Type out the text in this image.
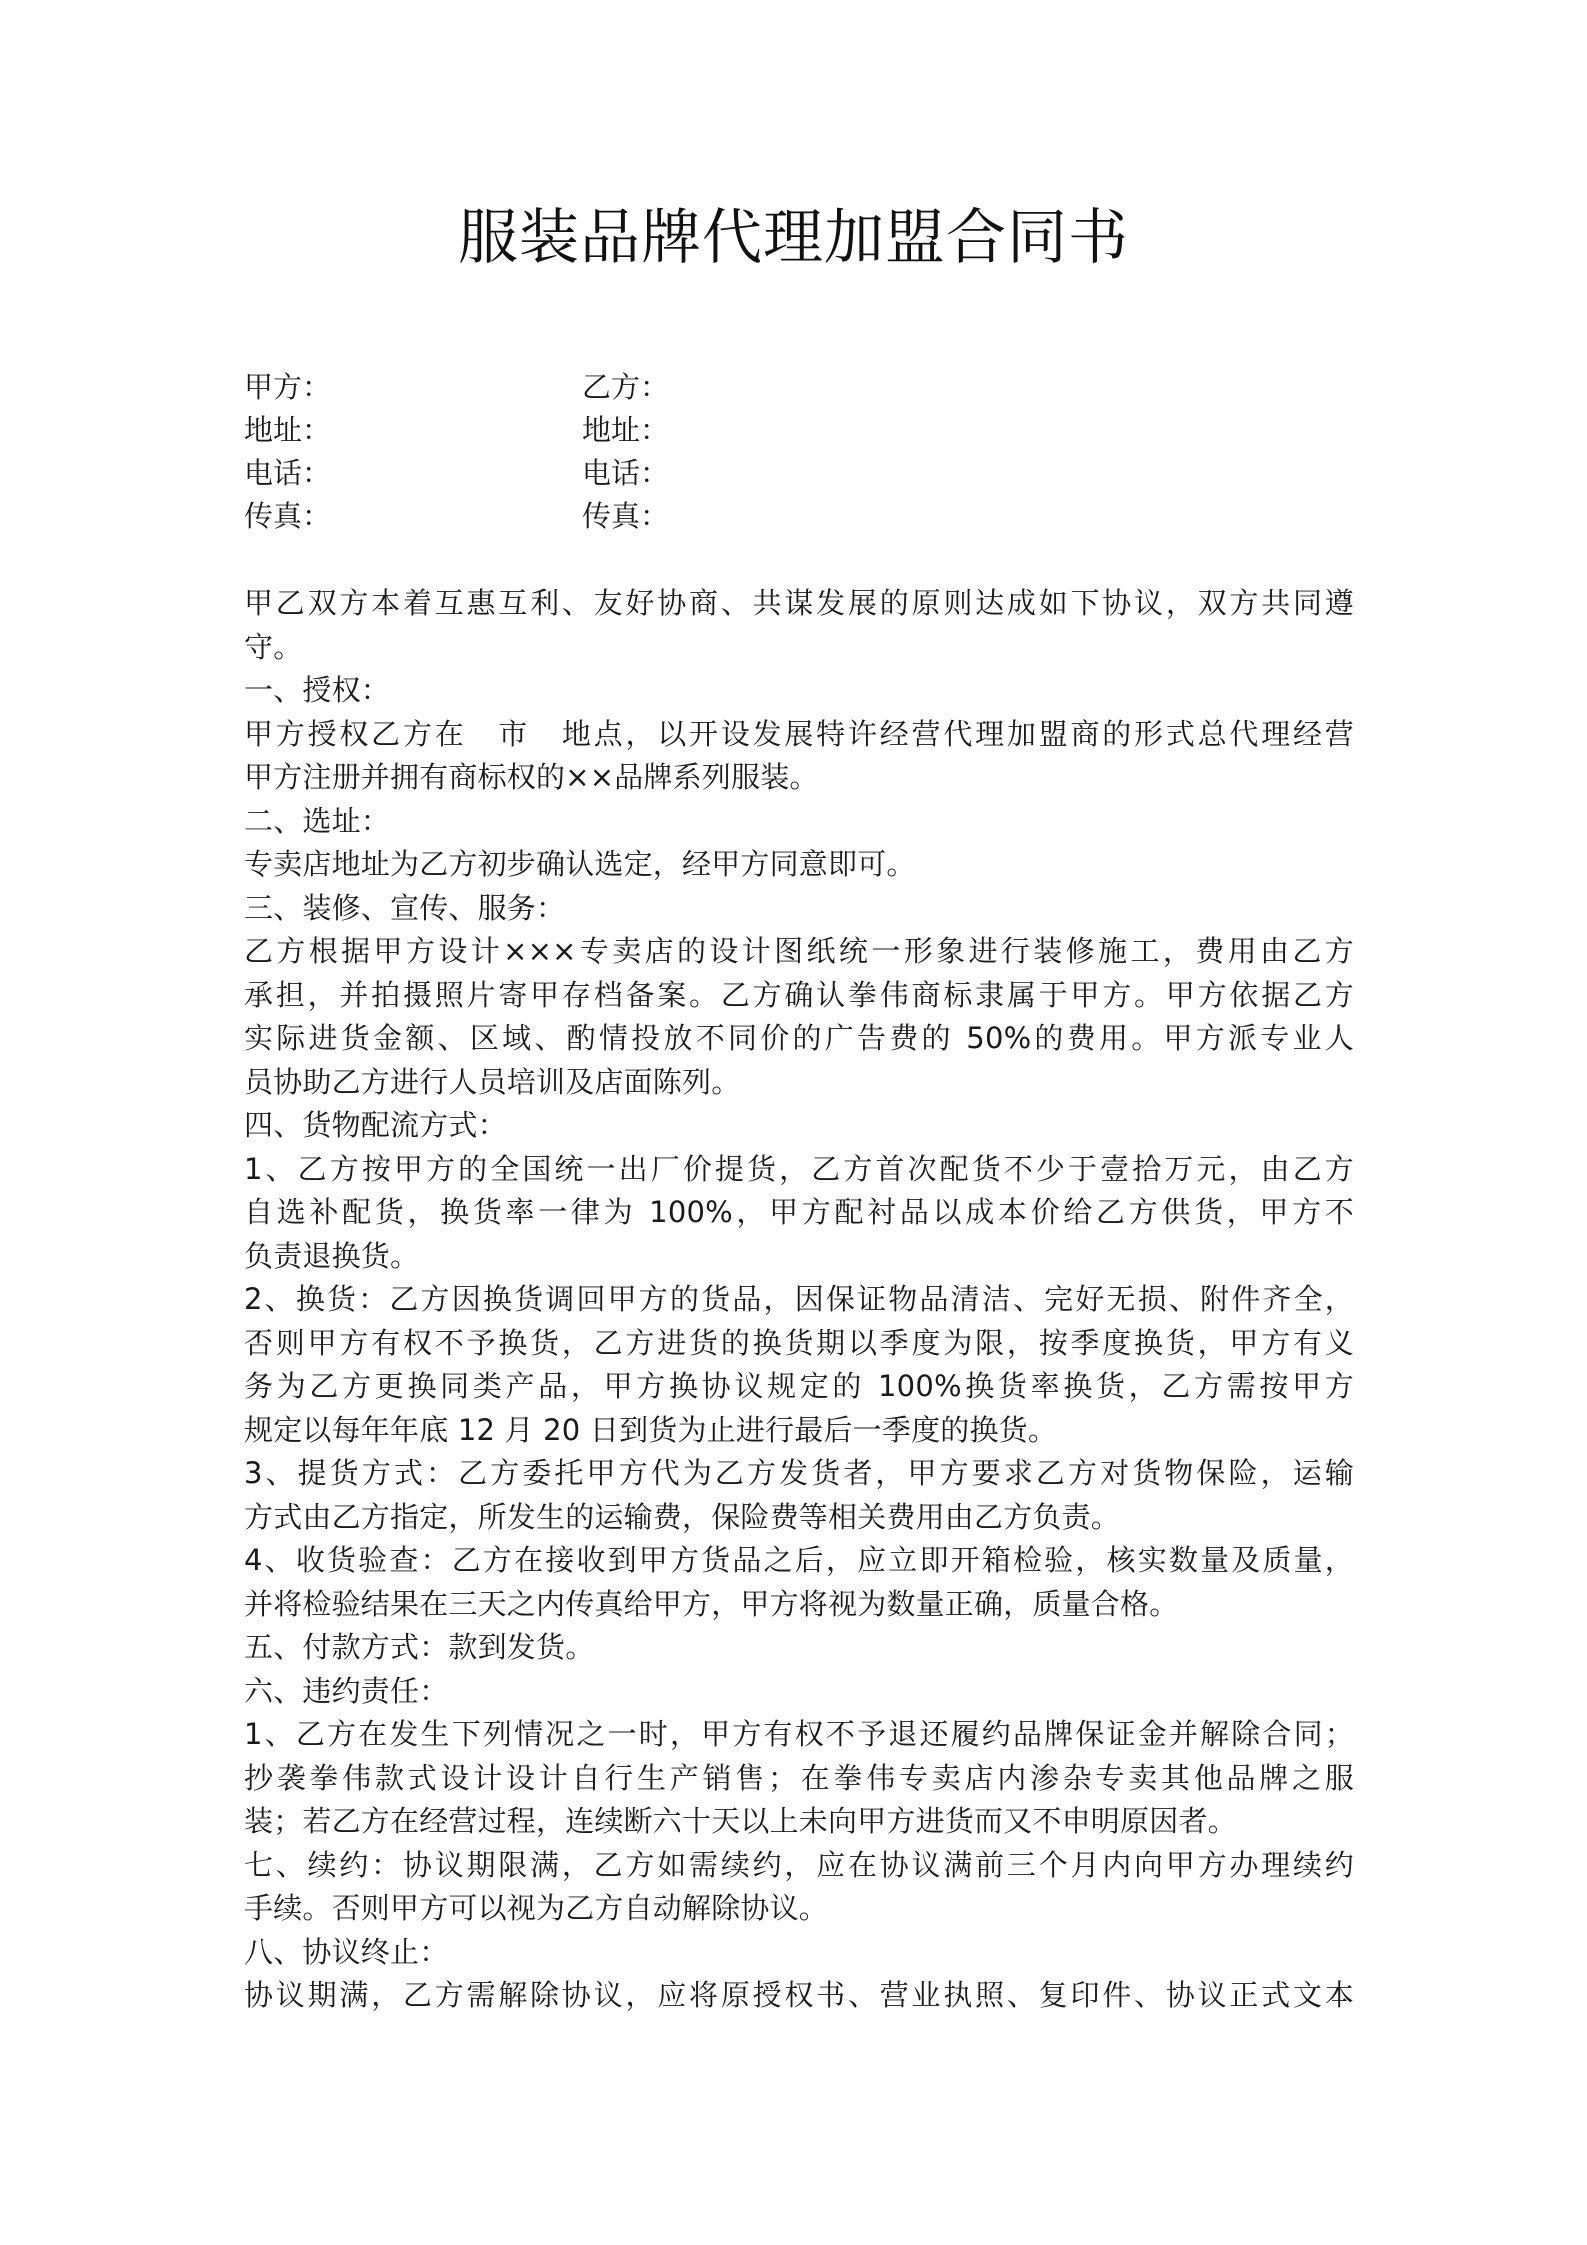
服装品牌代理加盟合同书
甲方：	乙方：
地址：	地址：
电话：	电话：
传真：	传真：
甲乙双方本着互惠互利、友好协商、共谋发展的原则达成如下协议，双方共同遵
守。
一、授权：
甲方授权乙方在　市　地点，以开设发展特许经营代理加盟商的形式总代理经营
甲方注册并拥有商标权的××品牌系列服装。
二、选址：
专卖店地址为乙方初步确认选定，经甲方同意即可。
三、装修、宣传、服务：
乙方根据甲方设计×××专卖店的设计图纸统一形象进行装修施工，费用由乙方
承担，并拍摄照片寄甲存档备案。乙方确认拳伟商标隶属于甲方。甲方依据乙方
实际进货金额、区域、酌情投放不同价的广告费的 50%的费用。甲方派专业人
员协助乙方进行人员培训及店面陈列。
四、货物配流方式：
1、乙方按甲方的全国统一出厂价提货，乙方首次配货不少于壹拾万元，由乙方
自选补配货，换货率一律为 100%，甲方配衬品以成本价给乙方供货，甲方不
负责退换货。
2、换货：乙方因换货调回甲方的货品，因保证物品清洁、完好无损、附件齐全，
否则甲方有权不予换货，乙方进货的换货期以季度为限，按季度换货，甲方有义
务为乙方更换同类产品，甲方换协议规定的 100%换货率换货，乙方需按甲方
规定以每年年底 12 月 20 日到货为止进行最后一季度的换货。
3、提货方式：乙方委托甲方代为乙方发货者，甲方要求乙方对货物保险，运输
方式由乙方指定，所发生的运输费，保险费等相关费用由乙方负责。
4、收货验查：乙方在接收到甲方货品之后，应立即开箱检验，核实数量及质量，
并将检验结果在三天之内传真给甲方，甲方将视为数量正确，质量合格。
五、付款方式：款到发货。
六、违约责任：
1、乙方在发生下列情况之一时，甲方有权不予退还履约品牌保证金并解除合同；
抄袭拳伟款式设计设计自行生产销售；在拳伟专卖店内渗杂专卖其他品牌之服
装；若乙方在经营过程，连续断六十天以上未向甲方进货而又不申明原因者。
七、续约：协议期限满，乙方如需续约，应在协议满前三个月内向甲方办理续约
手续。否则甲方可以视为乙方自动解除协议。
八、协议终止：
协议期满，乙方需解除协议，应将原授权书、营业执照、复印件、协议正式文本
